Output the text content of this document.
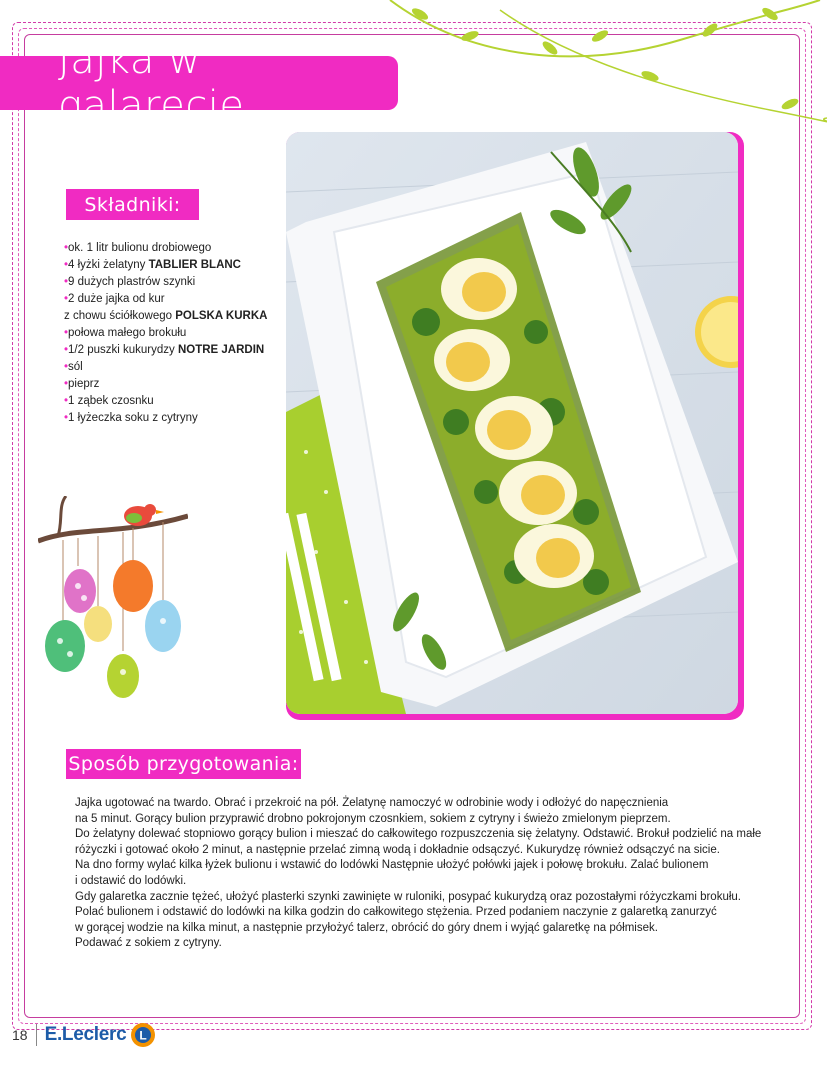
Jajka w galarecie
Składniki:
•ok. 1 litr bulionu drobiowego
•4 łyżki żelatyny TABLIER BLANC
•9 dużych plastrów szynki
•2 duże jajka od kur
z chowu ściółkowego POLSKA KURKA
•połowa małego brokułu
•1/2 puszki kukurydzy NOTRE JARDIN
•sól
•pieprz
•1 ząbek czosnku
•1 łyżeczka soku z cytryny
Sposób przygotowania:
Jajka ugotować na twardo. Obrać i przekroić na pół. Żelatynę namoczyć w odrobinie wody i odłożyć do napęcznienia
na 5 minut. Gorący bulion przyprawić drobno pokrojonym czosnkiem, sokiem z cytryny i świeżo zmielonym pieprzem.
Do żelatyny dolewać stopniowo gorący bulion i mieszać do całkowitego rozpuszczenia się żelatyny. Odstawić. Brokuł podzielić na małe
różyczki i gotować około 2 minut, a następnie przelać zimną wodą i dokładnie odsączyć. Kukurydzę również odsączyć na sicie.
Na dno formy wylać kilka łyżek bulionu i wstawić do lodówki Następnie ułożyć połówki jajek i połowę brokułu. Zalać bulionem
i odstawić do lodówki.
Gdy galaretka zacznie tężeć, ułożyć plasterki szynki zawinięte w ruloniki, posypać kukurydzą oraz pozostałymi różyczkami brokułu.
Polać bulionem i odstawić do lodówki na kilka godzin do całkowitego stężenia. Przed podaniem naczynie z galaretką zanurzyć
w gorącej wodzie na kilka minut, a następnie przyłożyć talerz, obrócić do góry dnem i wyjąć galaretkę na półmisek.
Podawać z sokiem z cytryny.
18 E.Leclerc L
